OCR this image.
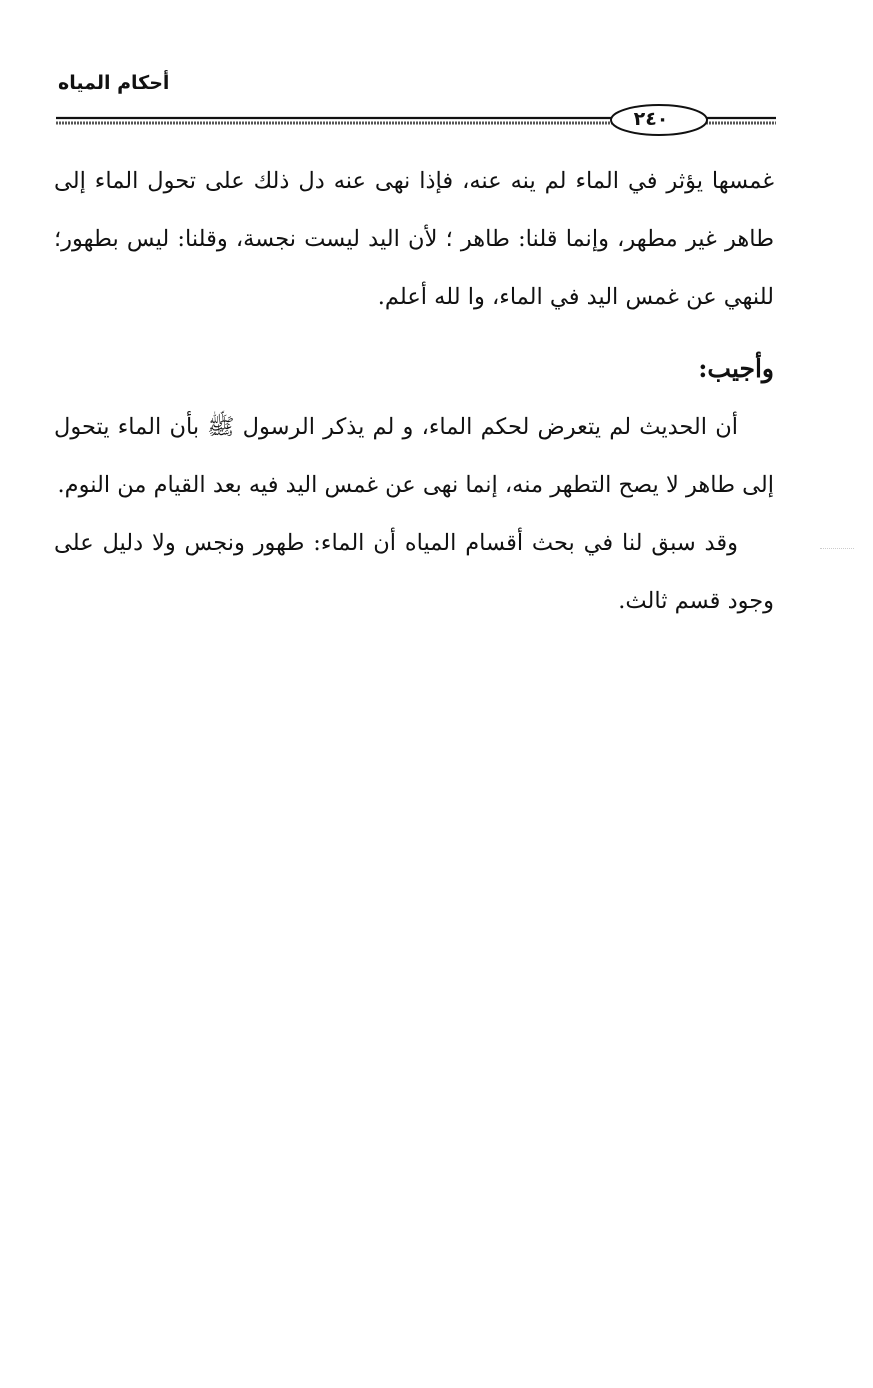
أحكام المياه
٢٤٠

غمسها يؤثر في الماء لم ينه عنه، فإذا نهى عنه دل ذلك على تحول الماء إلى طاهر غير مطهر، وإنما قلنا: طاهر ؛ لأن اليد ليست نجسة، وقلنا: ليس بطهور؛ للنهي عن غمس اليد في الماء، وا لله أعلم.

وأجيب:

أن الحديث لم يتعرض لحكم الماء، و لم يذكر الرسول ﷺ بأن الماء يتحول إلى طاهر لا يصح التطهر منه، إنما نهى عن غمس اليد فيه بعد القيام من النوم.

وقد سبق لنا في بحث أقسام المياه أن الماء: طهور ونجس ولا دليل على وجود قسم ثالث.
